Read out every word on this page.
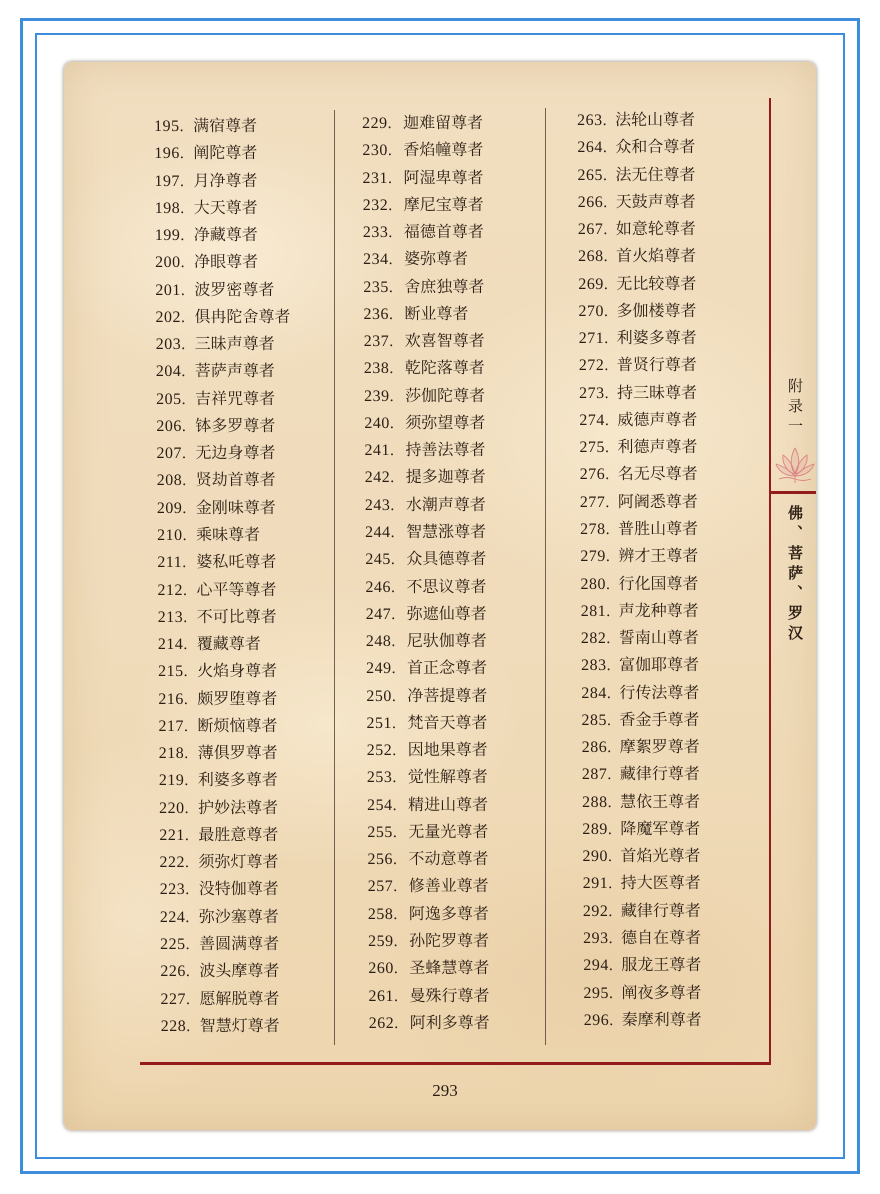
195. 满宿尊者
196. 阐陀尊者
197. 月净尊者
198. 大天尊者
199. 净藏尊者
200. 净眼尊者
201. 波罗密尊者
202. 俱冉陀舍尊者
203. 三昧声尊者
204. 菩萨声尊者
205. 吉祥咒尊者
206. 钵多罗尊者
207. 无边身尊者
208. 贤劫首尊者
209. 金刚味尊者
210. 乘味尊者
211. 婆私吒尊者
212. 心平等尊者
213. 不可比尊者
214. 覆藏尊者
215. 火焰身尊者
216. 颇罗堕尊者
217. 断烦恼尊者
218. 薄俱罗尊者
219. 利婆多尊者
220. 护妙法尊者
221. 最胜意尊者
222. 须弥灯尊者
223. 没特伽尊者
224. 弥沙塞尊者
225. 善圆满尊者
226. 波头摩尊者
227. 愿解脱尊者
228. 智慧灯尊者
229. 迦难留尊者
230. 香焰幢尊者
231. 阿湿卑尊者
232. 摩尼宝尊者
233. 福德首尊者
234. 婆弥尊者
235. 舍庶独尊者
236. 断业尊者
237. 欢喜智尊者
238. 乾陀落尊者
239. 莎伽陀尊者
240. 须弥望尊者
241. 持善法尊者
242. 提多迦尊者
243. 水潮声尊者
244. 智慧涨尊者
245. 众具德尊者
246. 不思议尊者
247. 弥遮仙尊者
248. 尼驮伽尊者
249. 首正念尊者
250. 净菩提尊者
251. 梵音天尊者
252. 因地果尊者
253. 觉性解尊者
254. 精进山尊者
255. 无量光尊者
256. 不动意尊者
257. 修善业尊者
258. 阿逸多尊者
259. 孙陀罗尊者
260. 圣蜂慧尊者
261. 曼殊行尊者
262. 阿利多尊者
263. 法轮山尊者
264. 众和合尊者
265. 法无住尊者
266. 天鼓声尊者
267. 如意轮尊者
268. 首火焰尊者
269. 无比较尊者
270. 多伽楼尊者
271. 利婆多尊者
272. 普贤行尊者
273. 持三昧尊者
274. 威德声尊者
275. 利德声尊者
276. 名无尽尊者
277. 阿阇悉尊者
278. 普胜山尊者
279. 辨才王尊者
280. 行化国尊者
281. 声龙种尊者
282. 誓南山尊者
283. 富伽耶尊者
284. 行传法尊者
285. 香金手尊者
286. 摩絮罗尊者
287. 藏律行尊者
288. 慧依王尊者
289. 降魔军尊者
290. 首焰光尊者
291. 持大医尊者
292. 藏律行尊者
293. 德自在尊者
294. 服龙王尊者
295. 阐夜多尊者
296. 秦摩利尊者
附录一
佛、菩萨、罗汉
293
